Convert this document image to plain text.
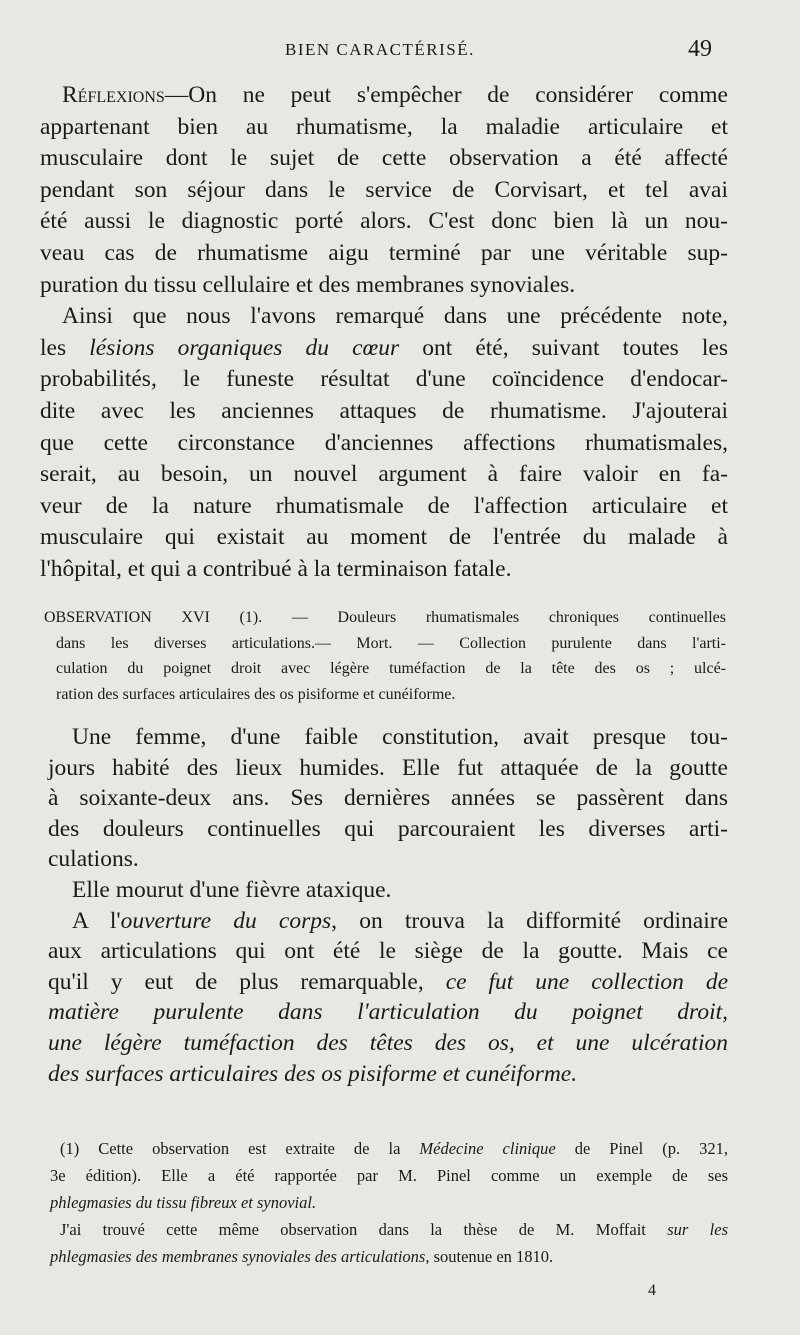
BIEN CARACTÉRISÉ.	49
Réflexions—On ne peut s'empêcher de considérer comme
appartenant bien au rhumatisme, la maladie articulaire et
musculaire dont le sujet de cette observation a été affecté
pendant son séjour dans le service de Corvisart, et tel avai
été aussi le diagnostic porté alors. C'est donc bien là un nou-
veau cas de rhumatisme aigu terminé par une véritable sup-
puration du tissu cellulaire et des membranes synoviales.
Ainsi que nous l'avons remarqué dans une précédente note,
les lésions organiques du cœur ont été, suivant toutes les
probabilités, le funeste résultat d'une coïncidence d'endocar-
dite avec les anciennes attaques de rhumatisme. J'ajouterai
que cette circonstance d'anciennes affections rhumatismales,
serait, au besoin, un nouvel argument à faire valoir en fa-
veur de la nature rhumatismale de l'affection articulaire et
musculaire qui existait au moment de l'entrée du malade à
l'hôpital, et qui a contribué à la terminaison fatale.
OBSERVATION XVI (1). — Douleurs rhumatismales chroniques continuelles
dans les diverses articulations.— Mort. — Collection purulente dans l'arti-
culation du poignet droit avec légère tuméfaction de la tête des os ; ulcé-
ration des surfaces articulaires des os pisiforme et cunéiforme.
Une femme, d'une faible constitution, avait presque tou-
jours habité des lieux humides. Elle fut attaquée de la goutte
à soixante-deux ans. Ses dernières années se passèrent dans
des douleurs continuelles qui parcouraient les diverses arti-
culations.
Elle mourut d'une fièvre ataxique.
A l'ouverture du corps, on trouva la difformité ordinaire
aux articulations qui ont été le siège de la goutte. Mais ce
qu'il y eut de plus remarquable, ce fut une collection de
matière purulente dans l'articulation du poignet droit,
une légère tuméfaction des têtes des os, et une ulcération
des surfaces articulaires des os pisiforme et cunéiforme.
(1) Cette observation est extraite de la Médecine clinique de Pinel (p. 321,
3e édition). Elle a été rapportée par M. Pinel comme un exemple de ses
phlegmasies du tissu fibreux et synovial.
J'ai trouvé cette même observation dans la thèse de M. Moffait sur les
phlegmasies des membranes synoviales des articulations, soutenue en 1810.
4
